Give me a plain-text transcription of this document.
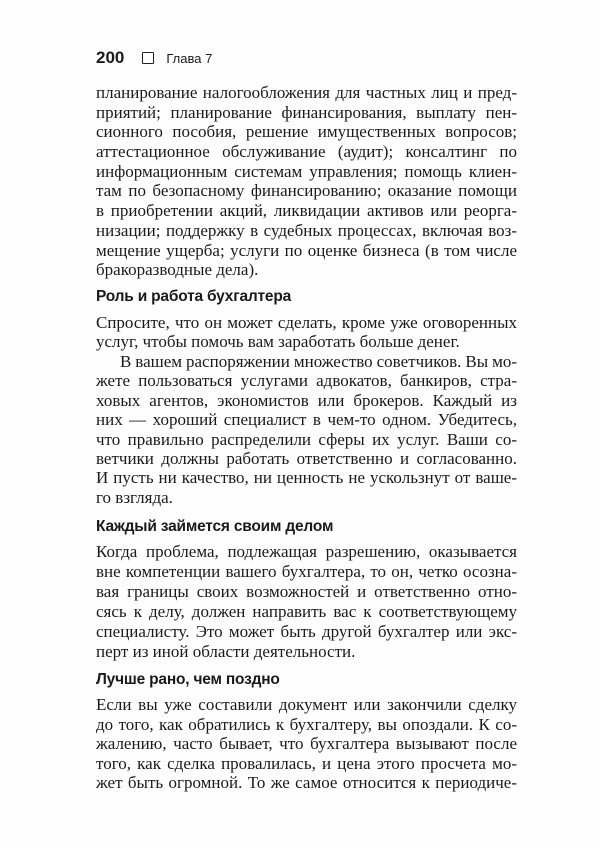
200	Глава 7
планирование налогообложения для частных лиц и пред-
приятий; планирование финансирования, выплату пен-
сионного пособия, решение имущественных вопросов;
аттестационное обслуживание (аудит); консалтинг по
информационным системам управления; помощь клиен-
там по безопасному финансированию; оказание помощи
в приобретении акций, ликвидации активов или реорга-
низации; поддержку в судебных процессах, включая воз-
мещение ущерба; услуги по оценке бизнеса (в том числе
бракоразводные дела).
Роль и работа бухгалтера
Спросите, что он может сделать, кроме уже оговоренных
услуг, чтобы помочь вам заработать больше денег.
В вашем распоряжении множество советчиков. Вы мо-
жете пользоваться услугами адвокатов, банкиров, стра-
ховых агентов, экономистов или брокеров. Каждый из
них — хороший специалист в чем-то одном. Убедитесь,
что правильно распределили сферы их услуг. Ваши со-
ветчики должны работать ответственно и согласованно.
И пусть ни качество, ни ценность не ускользнут от ваше-
го взгляда.
Каждый займется своим делом
Когда проблема, подлежащая разрешению, оказывается
вне компетенции вашего бухгалтера, то он, четко осозна-
вая границы своих возможностей и ответственно отно-
сясь к делу, должен направить вас к соответствующему
специалисту. Это может быть другой бухгалтер или экс-
перт из иной области деятельности.
Лучше рано, чем поздно
Если вы уже составили документ или закончили сделку
до того, как обратились к бухгалтеру, вы опоздали. К со-
жалению, часто бывает, что бухгалтера вызывают после
того, как сделка провалилась, и цена этого просчета мо-
жет быть огромной. То же самое относится к периодиче-
